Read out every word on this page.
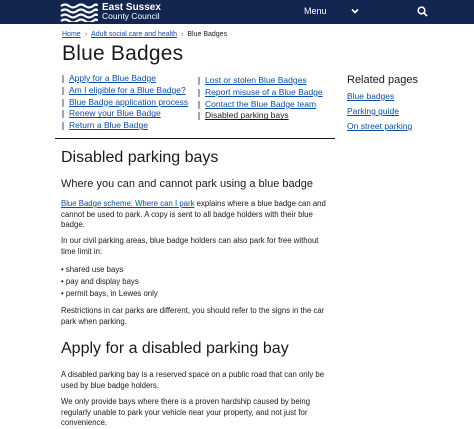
East Sussex
County Council	Menu
Home › Adult social care and health › Blue Badges
Blue Badges
Apply for a Blue Badge
Am I eligible for a Blue Badge?
Blue Badge application process
Renew your Blue Badge
Return a Blue Badge
Lost or stolen Blue Badges
Report misuse of a Blue Badge
Contact the Blue Badge team
Disabled parking bays
Related pages
Blue badges
Parking guide
On street parking
Disabled parking bays
Where you can and cannot park using a blue badge

Blue Badge scheme: Where can I park explains where a blue badge can and cannot be used to park. A copy is sent to all badge holders with their blue badge.

In our civil parking areas, blue badge holders can also park for free without time limit in:

• shared use bays
• pay and display bays
• permit bays, in Lewes only

Restrictions in car parks are different, you should refer to the signs in the car park when parking.

Apply for a disabled parking bay

A disabled parking bay is a reserved space on a public road that can only be used by blue badge holders.

We only provide bays where there is a proven hardship caused by being regularly unable to park your vehicle near your property, and not just for convenience.
